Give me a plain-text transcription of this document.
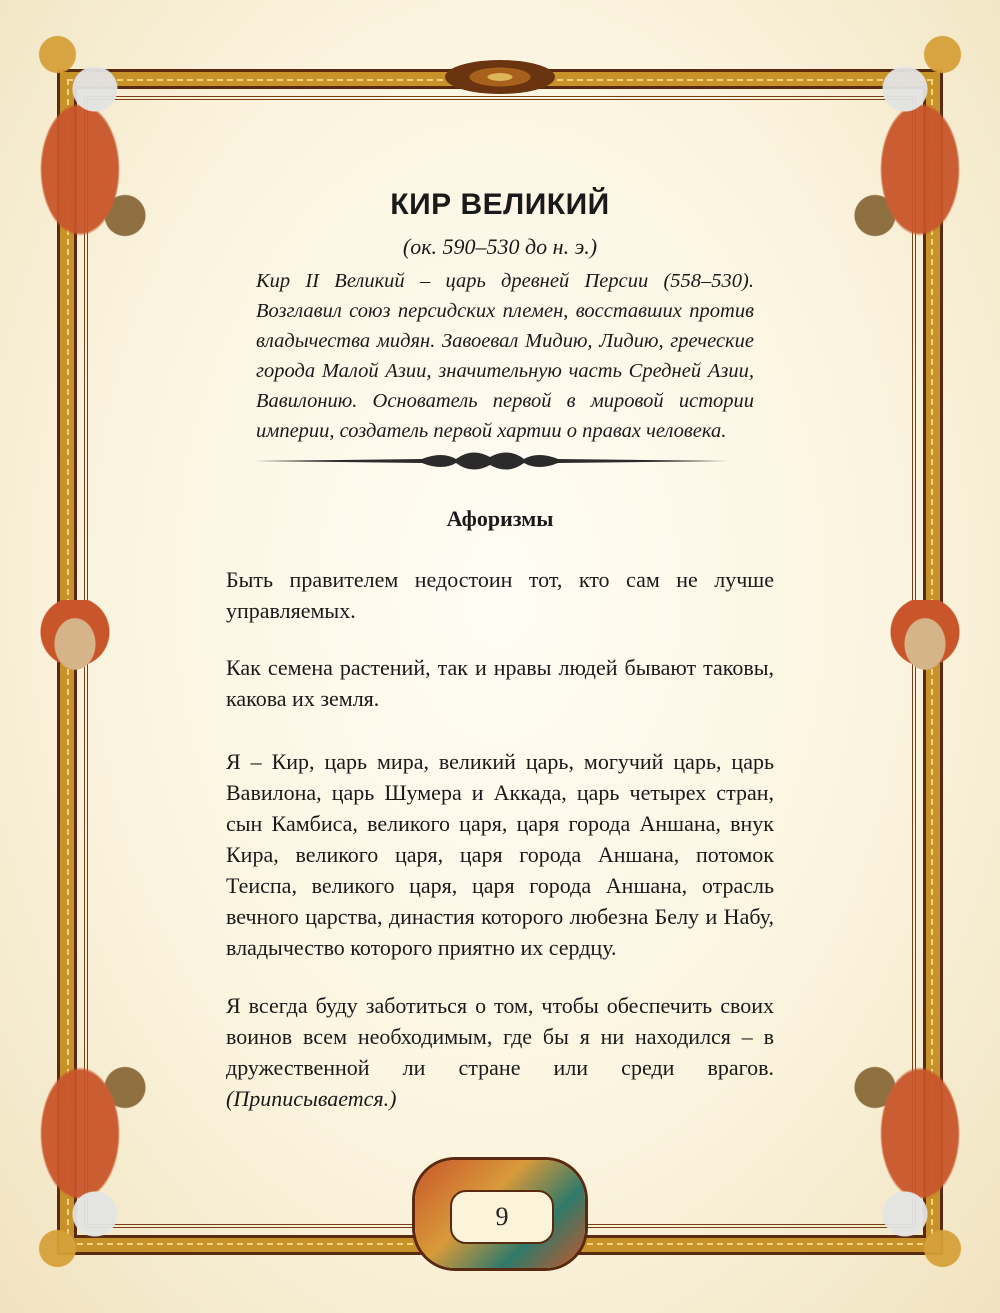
КИР ВЕЛИКИЙ
(ок. 590–530 до н. э.)
Кир II Великий – царь древней Персии (558–530). Возглавил союз персидских племен, восставших против владычества мидян. Завоевал Мидию, Лидию, греческие города Малой Азии, значительную часть Средней Азии, Вавилонию. Основатель первой в мировой истории империи, создатель первой хартии о правах человека.
Афоризмы

Быть правителем недостоин тот, кто сам не лучше управляемых.

Как семена растений, так и нравы людей бывают таковы, какова их земля.

Я – Кир, царь мира, великий царь, могучий царь, царь Вавилона, царь Шумера и Аккада, царь четырех стран, сын Камбиса, великого царя, царя города Аншана, внук Кира, великого царя, царя города Аншана, потомок Теиспа, великого царя, царя города Аншана, отрасль вечного царства, династия которого любезна Белу и Набу, владычество которого приятно их сердцу.

Я всегда буду заботиться о том, чтобы обеспечить своих воинов всем необходимым, где бы я ни находился – в дружественной ли стране или среди врагов. (Приписывается.)

9
